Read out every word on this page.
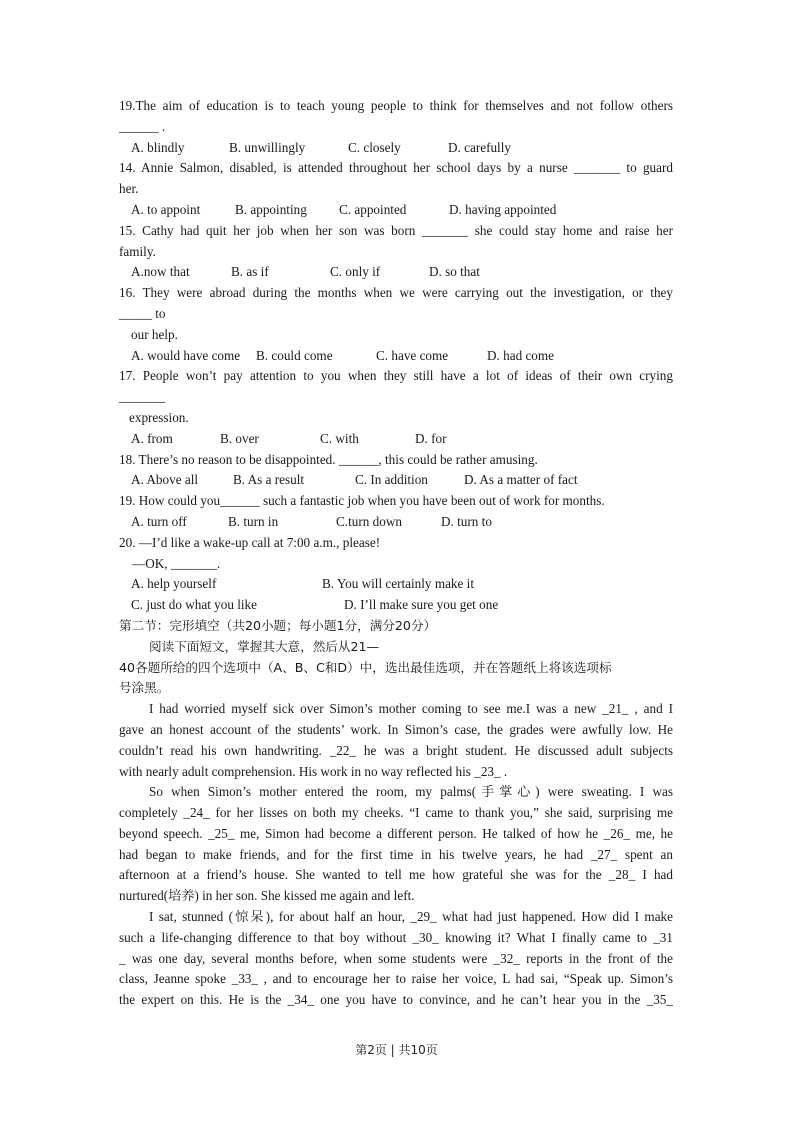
19.The aim of education is to teach young people to think for themselves and not follow others
______ .
A. blindly	B. unwillingly	C. closely	D. carefully
14. Annie Salmon, disabled, is attended throughout her school days by a nurse _______ to guard
her.
A. to appoint	B. appointing C. appointed	D. having appointed
15. Cathy had quit her job when her son was born _______ she could stay home and raise her
family.
A.now that	B. as if	C. only if	D. so that
16. They were abroad during the months when we were carrying out the investigation, or they
_____ to
our help.
A. would have come B. could come	C. have come	D. had come
17. People won’t pay attention to you when they still have a lot of ideas of their own crying
_______
expression.
A. from	B. over	C. with	D. for
18. There’s no reason to be disappointed. ______, this could be rather amusing.
A. Above all	B. As a result	C. In addition	D. As a matter of fact
19. How could you______ such a fantastic job when you have been out of work for months.
A. turn off	B. turn in	C.turn down	D. turn to
20. —I’d like a wake-up call at 7:00 a.m., please!
—OK, _______.
A. help yourself	B. You will certainly make it
C. just do what you like	D. I’ll make sure you get one
第二节：完形填空（共20小题；每小题1分，满分20分）
阅读下面短文，掌握其大意，然后从21—
40各题所给的四个选项中（A、B、C和D）中，选出最佳选项，并在答题纸上将该选项标
号涂黑。
I had worried myself sick over Simon’s mother coming to see me.I was a new _21_ , and I
gave an honest account of the students’ work. In Simon’s case, the grades were awfully low. He
couldn’t read his own handwriting. _22_ he was a bright student. He discussed adult subjects
with nearly adult comprehension. His work in no way reflected his _23_ .
So when Simon’s mother entered the room, my palms(手掌心) were sweating. I was
completely _24_ for her lisses on both my cheeks. “I came to thank you,” she said, surprising me
beyond speech. _25_ me, Simon had become a different person. He talked of how he _26_ me, he
had began to make friends, and for the first time in his twelve years, he had _27_ spent an
afternoon at a friend’s house. She wanted to tell me how grateful she was for the _28_ I had
nurtured(培养) in her son. She kissed me again and left.
I sat, stunned (惊呆), for about half an hour, _29_ what had just happened. How did I make
such a life-changing difference to that boy without _30_ knowing it? What I finally came to _31
_ was one day, several months before, when some students were _32_ reports in the front of the
class, Jeanne spoke _33_ , and to encourage her to raise her voice, L had sai, “Speak up. Simon’s
the expert on this. He is the _34_ one you have to convince, and he can’t hear you in the _35_
第2页 | 共10页
